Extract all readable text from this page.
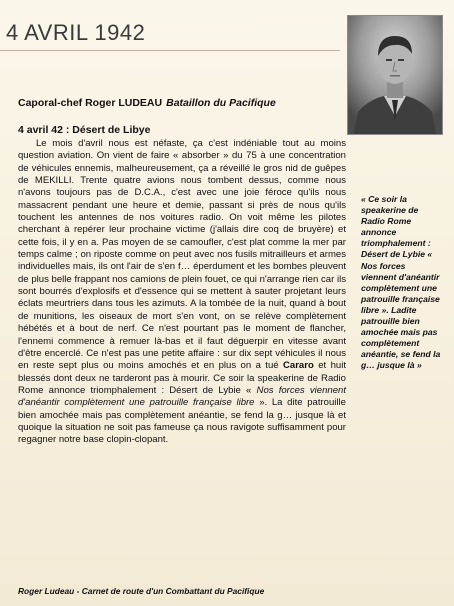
4 AVRIL 1942
Caporal-chef Roger LUDEAU Bataillon du Pacifique
4 avril 42 : Désert de Libye

Le mois d'avril nous est néfaste, ça c'est indéniable tout au moins question aviation. On vient de faire « absorber » du 75 à une concentration de véhicules ennemis, malheureusement, ça a réveillé le gros nid de guêpes de MEKILLI. Trente quatre avions nous tombent dessus, comme nous n'avons toujours pas de D.C.A., c'est avec une joie féroce qu'ils nous massacrent pendant une heure et demie, passant si près de nous qu'ils touchent les antennes de nos voitures radio. On voit même les pilotes cherchant à repérer leur prochaine victime (j'allais dire coq de bruyère) et cette fois, il y en a. Pas moyen de se camoufler, c'est plat comme la mer par temps calme ; on riposte comme on peut avec nos fusils mitrailleurs et armes individuelles mais, ils ont l'air de s'en f… éperdument et les bombes pleuvent de plus belle frappant nos camions de plein fouet, ce qui n'arrange rien car ils sont bourrés d'explosifs et d'essence qui se mettent à sauter projetant leurs éclats meurtriers dans tous les azimuts. A la tombée de la nuit, quand à bout de munitions, les oiseaux de mort s'en vont, on se relève complètement hébétés et à bout de nerf. Ce n'est pourtant pas le moment de flancher, l'ennemi commence à remuer là-bas et il faut déguerpir en vitesse avant d'être encerclé. Ce n'est pas une petite affaire : sur dix sept véhicules il nous en reste sept plus ou moins amochés et en plus on a tué Cararo et huit blessés dont deux ne tarderont pas à mourir. Ce soir la speakerine de Radio Rome annonce triomphalement : Désert de Lybie « Nos forces viennent d'anéantir complètement une patrouille française libre ». La dite patrouille bien amochée mais pas complètement anéantie, se fend la g… jusque là et quoique la situation ne soit pas fameuse ça nous ravigote suffisamment pour regagner notre base clopin-clopant.

« Ce soir la speakerine de Radio Rome annonce triomphalement : Désert de Lybie « Nos forces viennent d'anéantir complètement une patrouille française libre ». Ladite patrouille bien amochée mais pas complètement anéantie, se fend la g… jusque là »
Roger Ludeau - Carnet de route d'un Combattant du Pacifique
